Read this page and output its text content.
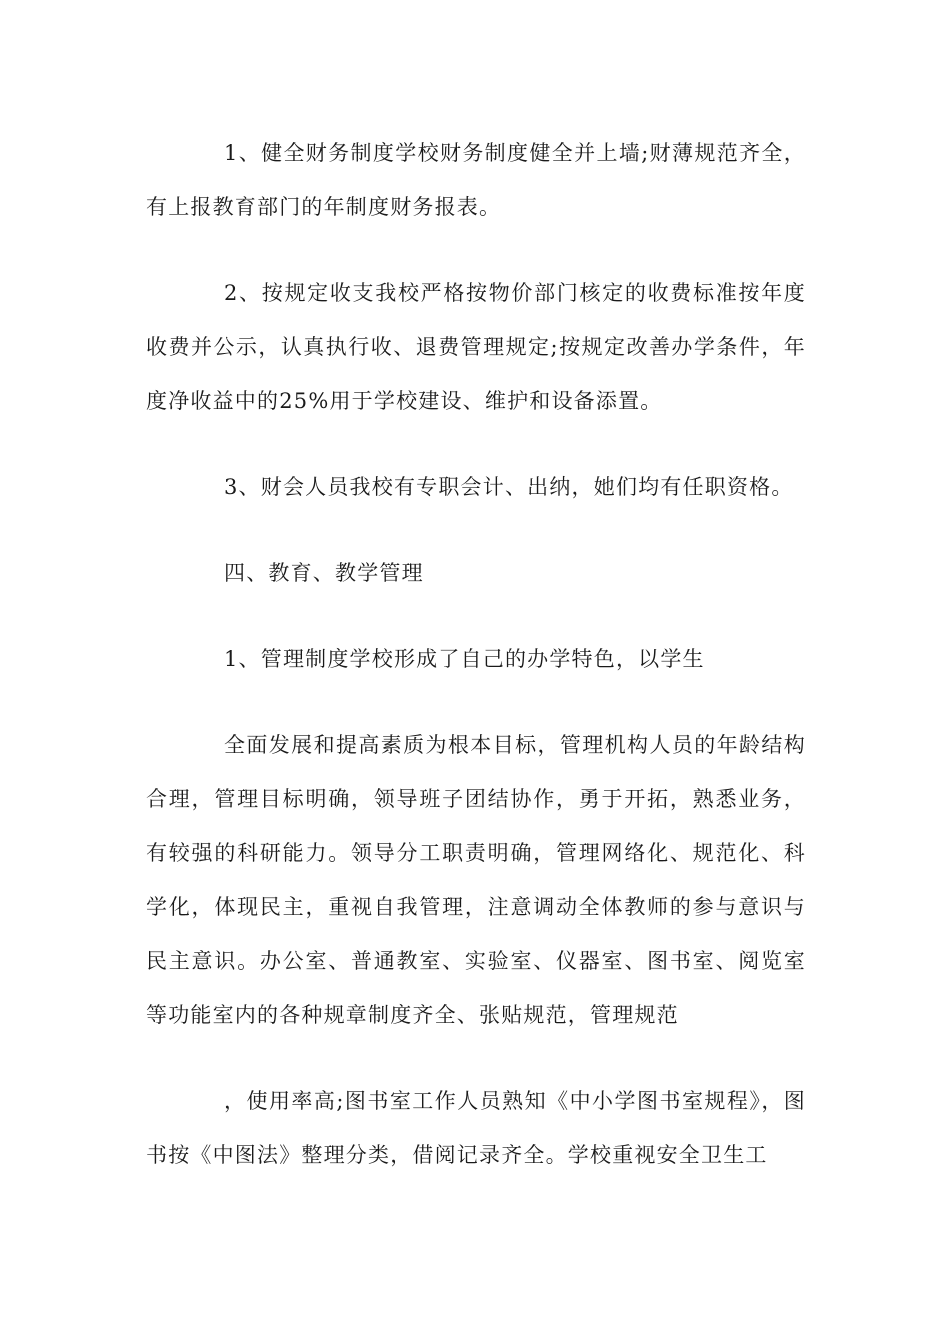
1、健全财务制度学校财务制度健全并上墙;财薄规范齐全，有上报教育部门的年制度财务报表。

2、按规定收支我校严格按物价部门核定的收费标准按年度收费并公示，认真执行收、退费管理规定;按规定改善办学条件，年度净收益中的25%用于学校建设、维护和设备添置。

3、财会人员我校有专职会计、出纳，她们均有任职资格。

四、教育、教学管理

1、管理制度学校形成了自己的办学特色，以学生

全面发展和提高素质为根本目标，管理机构人员的年龄结构合理，管理目标明确，领导班子团结协作，勇于开拓，熟悉业务，有较强的科研能力。领导分工职责明确，管理网络化、规范化、科学化，体现民主，重视自我管理，注意调动全体教师的参与意识与民主意识。办公室、普通教室、实验室、仪器室、图书室、阅览室等功能室内的各种规章制度齐全、张贴规范，管理规范

，使用率高;图书室工作人员熟知《中小学图书室规程》，图书按《中图法》整理分类，借阅记录齐全。学校重视安全卫生工
